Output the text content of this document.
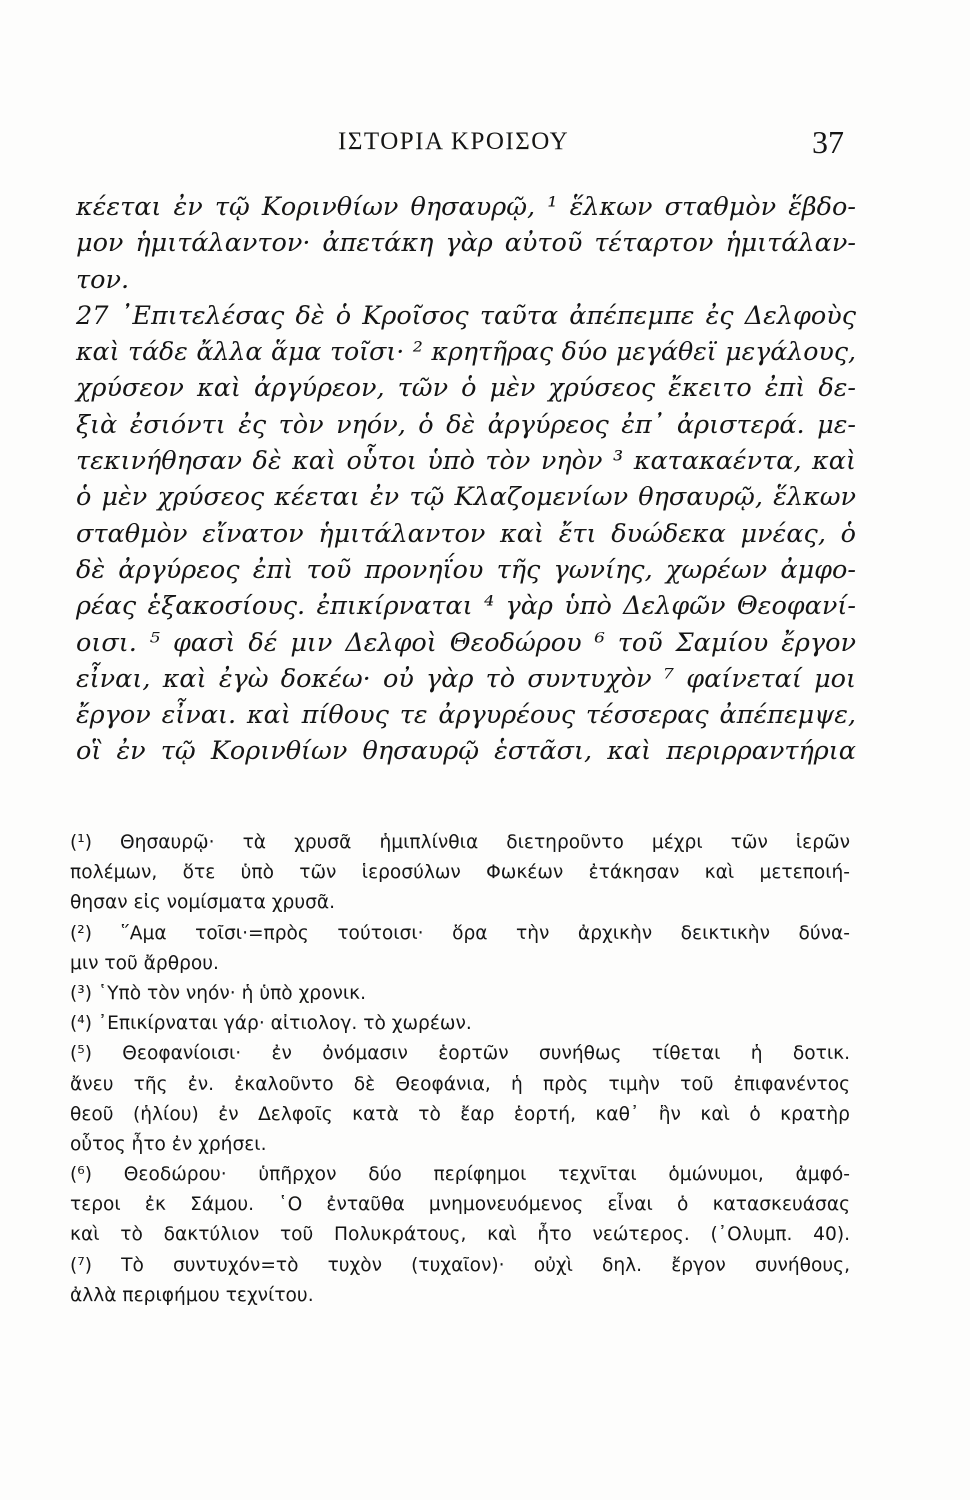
ΙΣΤΟΡΙΑ ΚΡΟΙΣΟΥ	37
κέεται ἐν τῷ Κορινθίων θησαυρῷ, ¹ ἕλκων σταθμὸν ἕβδο-
μον ἡμιτάλαντον· ἀπετάκη γὰρ αὐτοῦ τέταρτον ἡμιτάλαν-
τον.
27 ᾿Επιτελέσας δὲ ὁ Κροῖσος ταῦτα ἀπέπεμπε ἐς Δελφοὺς
καὶ τάδε ἄλλα ἅμα τοῖσι· ² κρητῆρας δύο μεγάθεϊ μεγάλους,
χρύσεον καὶ ἀργύρεον, τῶν ὁ μὲν χρύσεος ἔκειτο ἐπὶ δε-
ξιὰ ἐσιόντι ἐς τὸν νηόν, ὁ δὲ ἀργύρεος ἐπ᾽ ἀριστερά. με-
τεκινήθησαν δὲ καὶ οὗτοι ὑπὸ τὸν νηὸν ³ κατακαέντα, καὶ
ὁ μὲν χρύσεος κέεται ἐν τῷ Κλαζομενίων θησαυρῷ, ἕλκων
σταθμὸν εἴνατον ἡμιτάλαντον καὶ ἔτι δυώδεκα μνέας, ὁ
δὲ ἀργύρεος ἐπὶ τοῦ προνηΐου τῆς γωνίης, χωρέων ἀμφο-
ρέας ἑξακοσίους. ἐπικίρναται ⁴ γὰρ ὑπὸ Δελφῶν Θεοφανί-
οισι. ⁵ φασὶ δέ μιν Δελφοὶ Θεοδώρου ⁶ τοῦ Σαμίου ἔργον
εἶναι, καὶ ἐγὼ δοκέω· οὐ γὰρ τὸ συντυχὸν ⁷ φαίνεταί μοι
ἔργον εἶναι. καὶ πίθους τε ἀργυρέους τέσσερας ἀπέπεμψε,
οἳ ἐν τῷ Κορινθίων θησαυρῷ ἑστᾶσι, καὶ περιρραντήρια
(¹) Θησαυρῷ· τὰ χρυσᾶ ἡμιπλίνθια διετηροῦντο μέχρι τῶν ἱερῶν
πολέμων, ὅτε ὑπὸ τῶν ἱεροσύλων Φωκέων ἐτάκησαν καὶ μετεποιή-
θησαν εἰς νομίσματα χρυσᾶ.
(²) ῞Αμα τοῖσι·=πρὸς τούτοισι· ὅρα τὴν ἀρχικὴν δεικτικὴν δύνα-
μιν τοῦ ἄρθρου.
(³) ῾Υπὸ τὸν νηόν· ἡ ὑπὸ χρονικ.
(⁴) ᾿Επικίρναται γάρ· αἰτιολογ. τὸ χωρέων.
(⁵) Θεοφανίοισι· ἐν ὀνόμασιν ἑορτῶν συνήθως τίθεται ἡ δοτικ.
ἄνευ τῆς ἐν. ἐκαλοῦντο δὲ Θεοφάνια, ἡ πρὸς τιμὴν τοῦ ἐπιφανέντος
θεοῦ (ἡλίου) ἐν Δελφοῖς κατὰ τὸ ἔαρ ἑορτή, καθ᾽ ἣν καὶ ὁ κρατὴρ
οὗτος ἦτο ἐν χρήσει.
(⁶) Θεοδώρου· ὑπῆρχον δύο περίφημοι τεχνῖται ὁμώνυμοι, ἀμφό-
τεροι ἐκ Σάμου. ῾Ο ἐνταῦθα μνημονευόμενος εἶναι ὁ κατασκευάσας
καὶ τὸ δακτύλιον τοῦ Πολυκράτους, καὶ ἦτο νεώτερος. (᾿Ολυμπ. 40).
(⁷) Τὸ συντυχόν=τὸ τυχὸν (τυχαῖον)· οὐχὶ δηλ. ἔργον συνήθους,
ἀλλὰ περιφήμου τεχνίτου.
